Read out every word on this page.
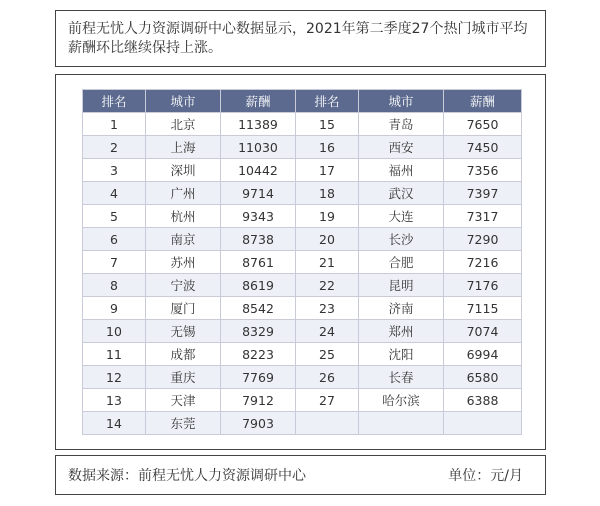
前程无忧人力资源调研中心数据显示，2021年第二季度27个热门城市平均薪酬环比继续保持上涨。
排名	城市	薪酬	排名	城市	薪酬
1	北京	11389	15	青岛	7650
2	上海	11030	16	西安	7450
3	深圳	10442	17	福州	7356
4	广州	9714	18	武汉	7397
5	杭州	9343	19	大连	7317
6	南京	8738	20	长沙	7290
7	苏州	8761	21	合肥	7216
8	宁波	8619	22	昆明	7176
9	厦门	8542	23	济南	7115
10	无锡	8329	24	郑州	7074
11	成都	8223	25	沈阳	6994
12	重庆	7769	26	长春	6580
13	天津	7912	27	哈尔滨	6388
14	东莞	7903			
数据来源：前程无忧人力资源调研中心	单位：元/月
